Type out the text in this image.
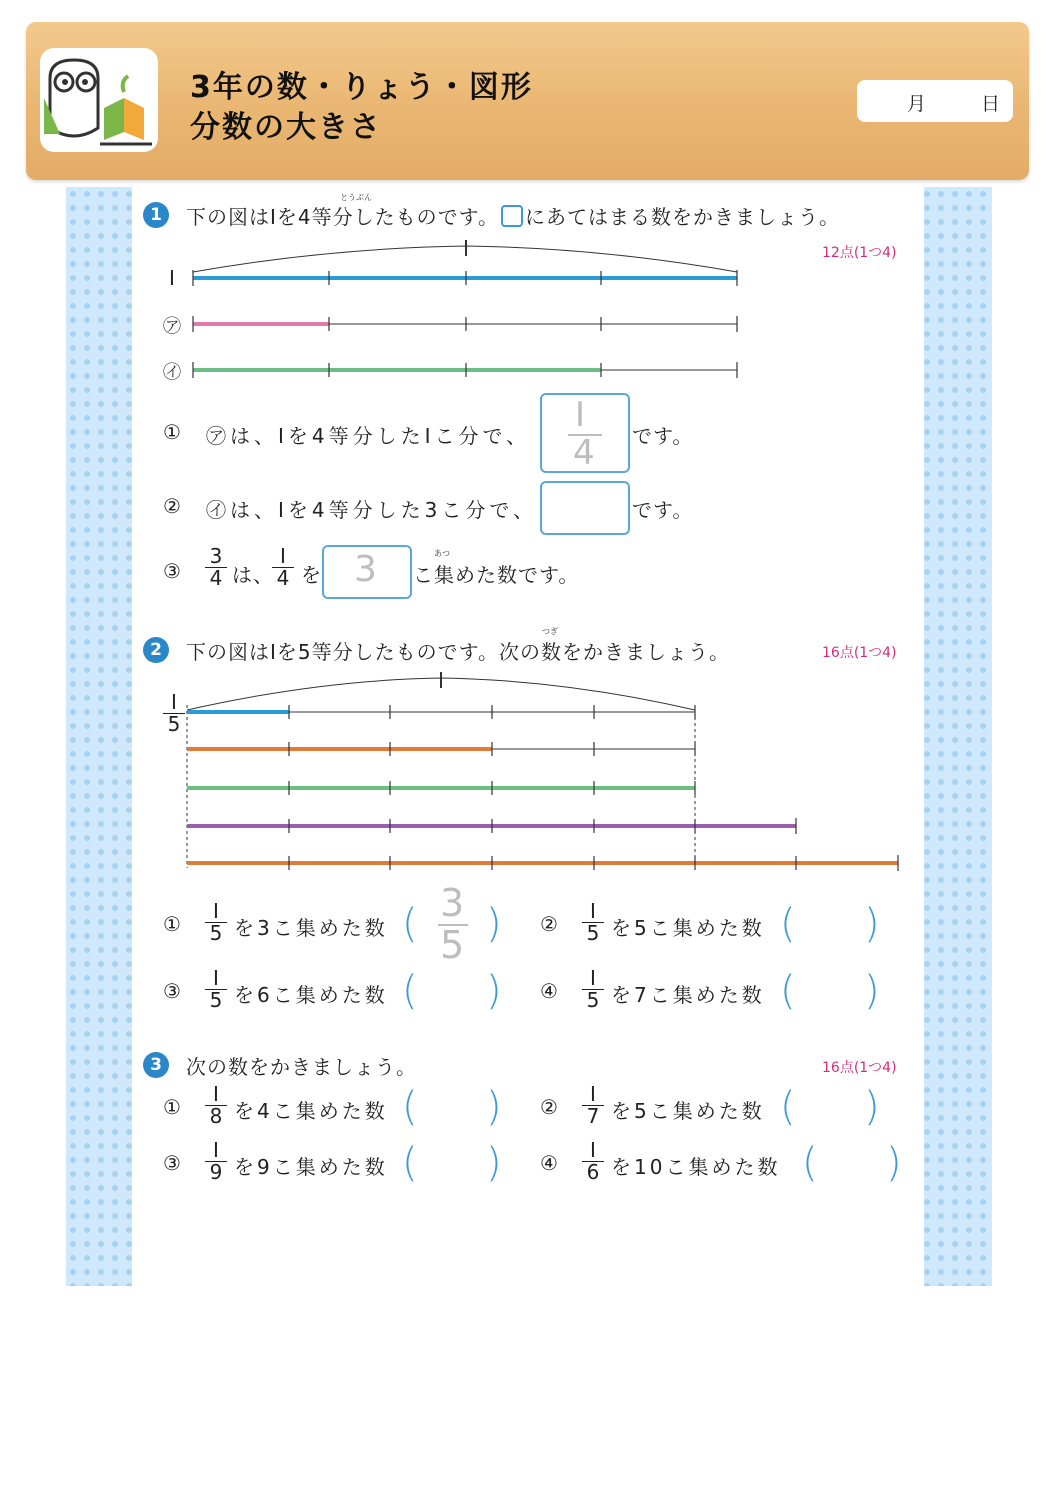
3年の数・りょう・図形
分数の大きさ
月	日
1	下の図はⅠを4等分したものです。 にあてはまる数をかきましょう。
とうぶん
12点(1つ4)
Ⅰ
㋐
㋑
① ㋐は、Ⅰを4等分したⅠこ分で、
Ⅰ
4 です。
② ㋑は、Ⅰを4等分した3こ分で、	です。
③ $\frac{3}{4}$ は、
Ⅰ
4 を 3 こ集めた数です。
あつ
2	下の図はⅠを5等分したものです。次の数をかきましょう。
つぎ
16点(1つ4)
Ⅰ
5
①
Ⅰ
5 を3こ集めた数 ( 3
5 ) ②
Ⅰ
5 を5こ集めた数 ( )
③
Ⅰ
5 を6こ集めた数 ( ) ④
Ⅰ
5 を7こ集めた数 ( )
3	次の数をかきましょう。	16点(1つ4)
①
Ⅰ
8 を4こ集めた数 ( ) ②
Ⅰ
7 を5こ集めた数 ( )
③
Ⅰ
9 を9こ集めた数 ( ) ④
Ⅰ
6 を10こ集めた数 ( )
